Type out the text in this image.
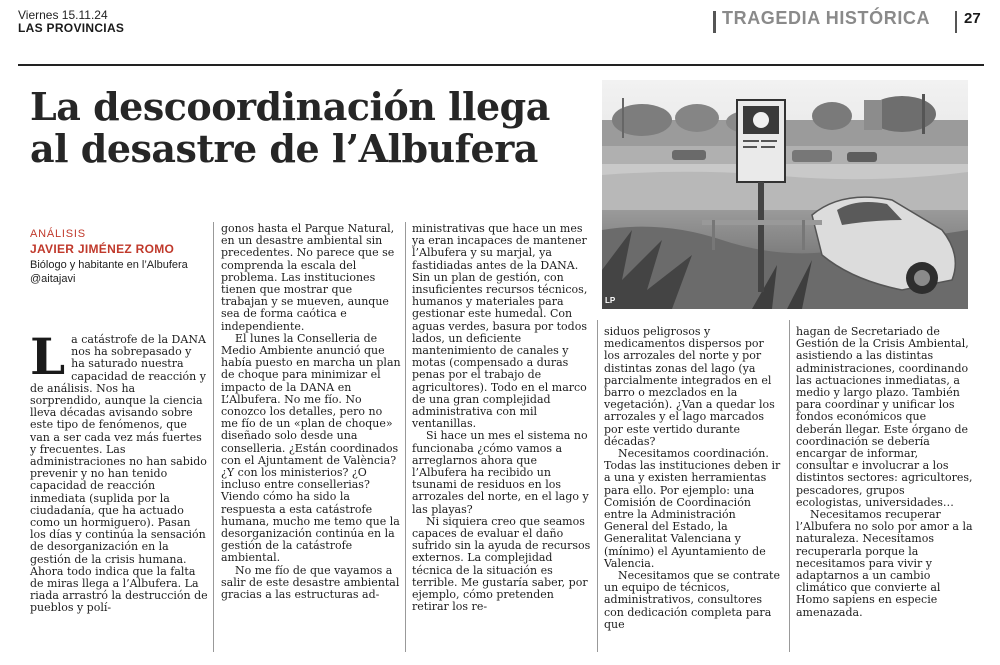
Viernes 15.11.24
LAS PROVINCIAS	TRAGEDIA HISTÓRICA 27
La descoordinación llega
al desastre de l’Albufera
LP
ANÁLISIS
JAVIER JIMÉNEZ ROMO
Biólogo y habitante en l’Albufera
@aitajavi
L a catástrofe de la DANA nos ha sobrepasado y ha saturado nuestra capacidad de reacción y de análisis. Nos ha sorprendido, aunque la ciencia lleva décadas avisando sobre este tipo de fenómenos, que van a ser cada vez más fuertes y frecuentes. Las administraciones no han sabido prevenir y no han tenido capacidad de reacción inmediata (suplida por la ciudadanía, que ha actuado como un hormiguero). Pasan los días y continúa la sensación de desorganización en la gestión de la crisis humana. Ahora todo indica que la falta de miras llega a l’Albufera. La riada arrastró la destrucción de pueblos y polí-

gonos hasta el Parque Natural, en un desastre ambiental sin precedentes. No parece que se comprenda la escala del problema. Las instituciones tienen que mostrar que trabajan y se mueven, aunque sea de forma caótica e independiente.

El lunes la Conselleria de Medio Ambiente anunció que había puesto en marcha un plan de choque para minimizar el impacto de la DANA en L’Albufera. No me fío. No conozco los detalles, pero no me fío de un «plan de choque» diseñado solo desde una conselleria. ¿Están coordinados con el Ajuntament de València? ¿Y con los ministerios? ¿O incluso entre consellerias? Viendo cómo ha sido la respuesta a esta catástrofe humana, mucho me temo que la desorganización continúa en la gestión de la catástrofe ambiental.

No me fío de que vayamos a salir de este desastre ambiental gracias a las estructuras ad-

ministrativas que hace un mes ya eran incapaces de mantener l’Albufera y su marjal, ya fastidiadas antes de la DANA. Sin un plan de gestión, con insuficientes recursos técnicos, humanos y materiales para gestionar este humedal. Con aguas verdes, basura por todos lados, un deficiente mantenimiento de canales y motas (compensado a duras penas por el trabajo de agricultores). Todo en el marco de una gran complejidad administrativa con mil ventanillas.

Si hace un mes el sistema no funcionaba ¿cómo vamos a arreglarnos ahora que l’Albufera ha recibido un tsunami de residuos en los arrozales del norte, en el lago y las playas?

Ni siquiera creo que seamos capaces de evaluar el daño sufrido sin la ayuda de recursos externos. La complejidad técnica de la situación es terrible. Me gustaría saber, por ejemplo, cómo pretenden retirar los re-

siduos peligrosos y medicamentos dispersos por los arrozales del norte y por distintas zonas del lago (ya parcialmente integrados en el barro o mezclados en la vegetación). ¿Van a quedar los arrozales y el lago marcados por este vertido durante décadas?

Necesitamos coordinación. Todas las instituciones deben ir a una y existen herramientas para ello. Por ejemplo: una Comisión de Coordinación entre la Administración General del Estado, la Generalitat Valenciana y (mínimo) el Ayuntamiento de Valencia.

Necesitamos que se contrate un equipo de técnicos, administrativos, consultores con dedicación completa para que

hagan de Secretariado de Gestión de la Crisis Ambiental, asistiendo a las distintas administraciones, coordinando las actuaciones inmediatas, a medio y largo plazo. También para coordinar y unificar los fondos económicos que deberán llegar. Este órgano de coordinación se debería encargar de informar, consultar e involucrar a los distintos sectores: agricultores, pescadores, grupos ecologistas, universidades…

Necesitamos recuperar l’Albufera no solo por amor a la naturaleza. Necesitamos recuperarla porque la necesitamos para vivir y adaptarnos a un cambio climático que convierte al Homo sapiens en especie amenazada.
